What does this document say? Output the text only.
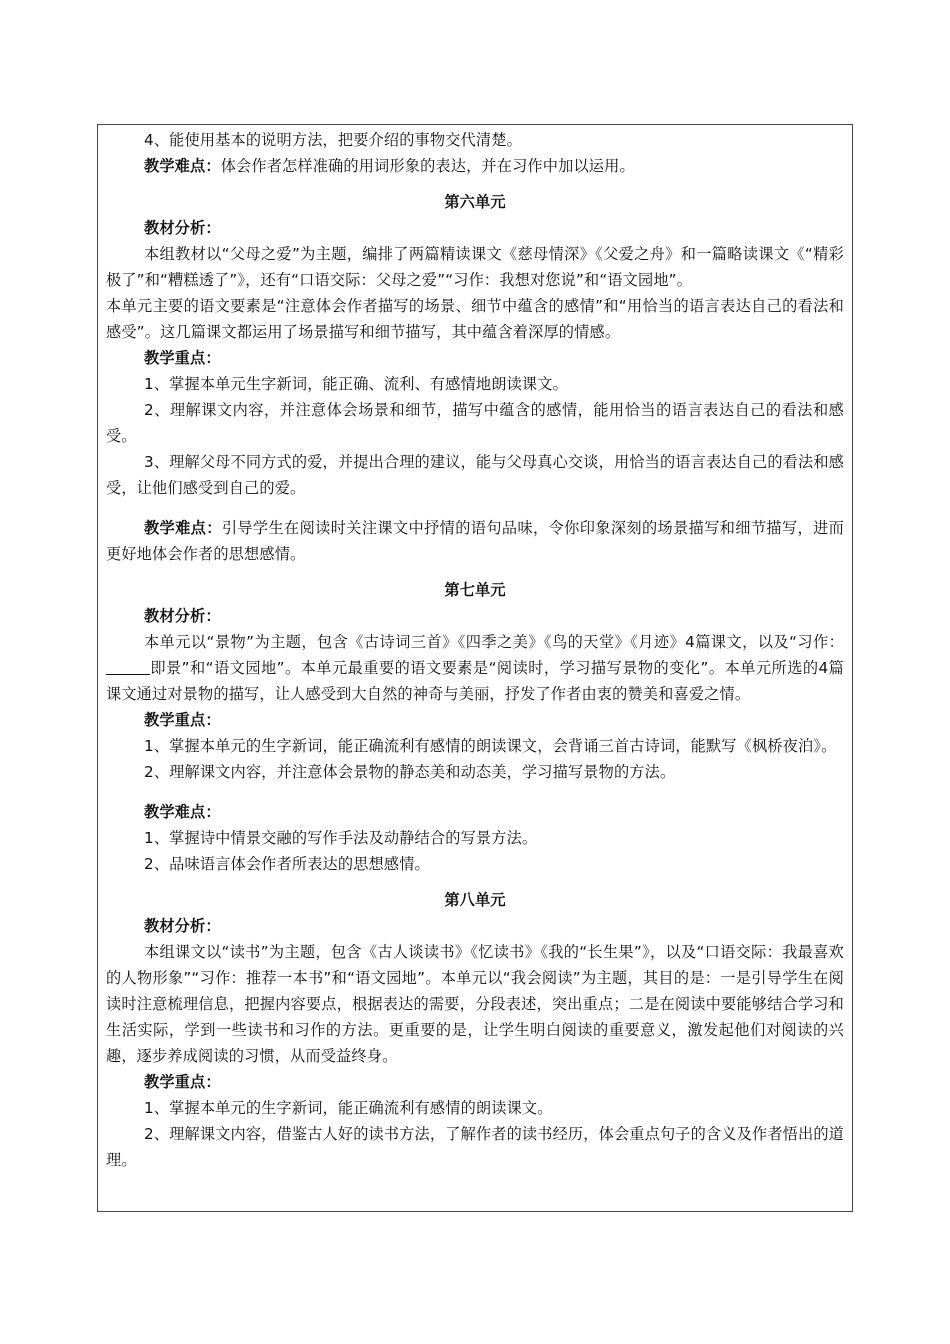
4、能使用基本的说明方法，把要介绍的事物交代清楚。

教学难点：体会作者怎样准确的用词形象的表达，并在习作中加以运用。

第六单元

教材分析：

本组教材以“父母之爱”为主题，编排了两篇精读课文《慈母情深》《父爱之舟》和一篇略读课文《“精彩极了”和“糟糕透了”》，还有“口语交际：父母之爱”“习作：我想对您说”和“语文园地”。

本单元主要的语文要素是“注意体会作者描写的场景、细节中蕴含的感情”和“用恰当的语言表达自己的看法和感受”。这几篇课文都运用了场景描写和细节描写，其中蕴含着深厚的情感。

教学重点：

1、掌握本单元生字新词，能正确、流利、有感情地朗读课文。

2、理解课文内容，并注意体会场景和细节，描写中蕴含的感情，能用恰当的语言表达自己的看法和感受。

3、理解父母不同方式的爱，并提出合理的建议，能与父母真心交谈，用恰当的语言表达自己的看法和感受，让他们感受到自己的爱。

教学难点：引导学生在阅读时关注课文中抒情的语句品味，令你印象深刻的场景描写和细节描写，进而更好地体会作者的思想感情。

第七单元

教材分析：

本单元以“景物”为主题，包含《古诗词三首》《四季之美》《鸟的天堂》《月迹》4篇课文，以及“习作：即景”和“语文园地”。本单元最重要的语文要素是“阅读时，学习描写景物的变化”。本单元所选的4篇课文通过对景物的描写，让人感受到大自然的神奇与美丽，抒发了作者由衷的赞美和喜爱之情。

教学重点：

1、掌握本单元的生字新词，能正确流利有感情的朗读课文，会背诵三首古诗词，能默写《枫桥夜泊》。

2、理解课文内容，并注意体会景物的静态美和动态美，学习描写景物的方法。

教学难点：

1、掌握诗中情景交融的写作手法及动静结合的写景方法。

2、品味语言体会作者所表达的思想感情。

第八单元

教材分析：

本组课文以“读书”为主题，包含《古人谈读书》《忆读书》《我的“长生果”》，以及“口语交际：我最喜欢的人物形象”“习作：推荐一本书”和“语文园地”。本单元以“我会阅读”为主题，其目的是：一是引导学生在阅读时注意梳理信息，把握内容要点，根据表达的需要，分段表述，突出重点；二是在阅读中要能够结合学习和生活实际，学到一些读书和习作的方法。更重要的是，让学生明白阅读的重要意义，激发起他们对阅读的兴趣，逐步养成阅读的习惯，从而受益终身。

教学重点：

1、掌握本单元的生字新词，能正确流利有感情的朗读课文。

2、理解课文内容，借鉴古人好的读书方法，了解作者的读书经历，体会重点句子的含义及作者悟出的道理。
